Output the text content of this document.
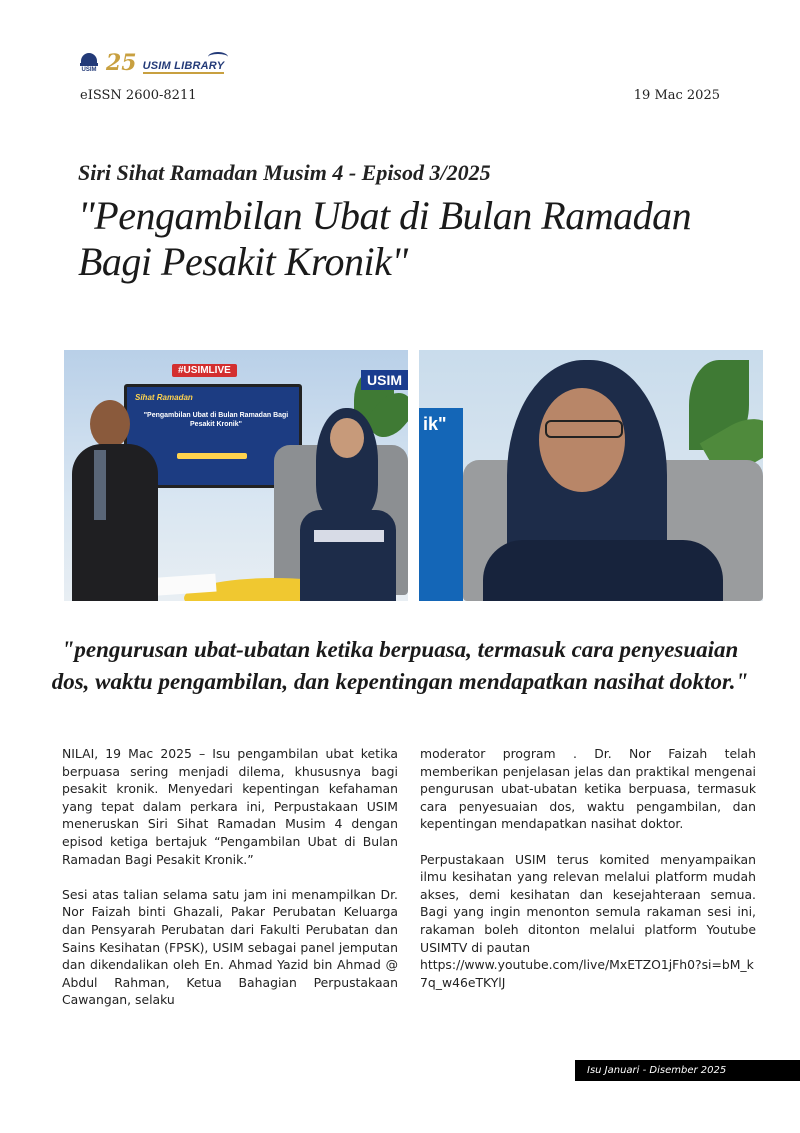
USIM 25 USIM LIBRARY
eISSN 2600-8211	19 Mac 2025
Siri Sihat Ramadan Musim 4 - Episod 3/2025
"Pengambilan Ubat di Bulan Ramadan Bagi Pesakit Kronik"
#USIMLIVE
USIM
Sihat Ramadan
"Pengambilan Ubat di Bulan Ramadan Bagi Pesakit Kronik"	ik"
"pengurusan ubat-ubatan ketika berpuasa, termasuk cara penyesuaian dos, waktu pengambilan, dan kepentingan mendapatkan nasihat doktor."

NILAI, 19 Mac 2025 – Isu pengambilan ubat ketika berpuasa sering menjadi dilema, khususnya bagi pesakit kronik. Menyedari kepentingan kefahaman yang tepat dalam perkara ini, Perpustakaan USIM meneruskan Siri Sihat Ramadan Musim 4 dengan episod ketiga bertajuk “Pengambilan Ubat di Bulan Ramadan Bagi Pesakit Kronik.”

Sesi atas talian selama satu jam ini menampilkan Dr. Nor Faizah binti Ghazali, Pakar Perubatan Keluarga dan Pensyarah Perubatan dari Fakulti Perubatan dan Sains Kesihatan (FPSK), USIM sebagai panel jemputan dan dikendalikan oleh En. Ahmad Yazid bin Ahmad @ Abdul Rahman, Ketua Bahagian Perpustakaan Cawangan, selaku

moderator program . Dr. Nor Faizah telah memberikan penjelasan jelas dan praktikal mengenai pengurusan ubat-ubatan ketika berpuasa, termasuk cara penyesuaian dos, waktu pengambilan, dan kepentingan mendapatkan nasihat doktor.

Perpustakaan USIM terus komited menyampaikan ilmu kesihatan yang relevan melalui platform mudah akses, demi kesihatan dan kesejahteraan semua. Bagi yang ingin menonton semula rakaman sesi ini, rakaman boleh ditonton melalui platform Youtube USIMTV di pautan

https://www.youtube.com/live/MxETZO1jFh0?si=bM_k7q_w46eTKYlJ
Isu Januari - Disember 2025
